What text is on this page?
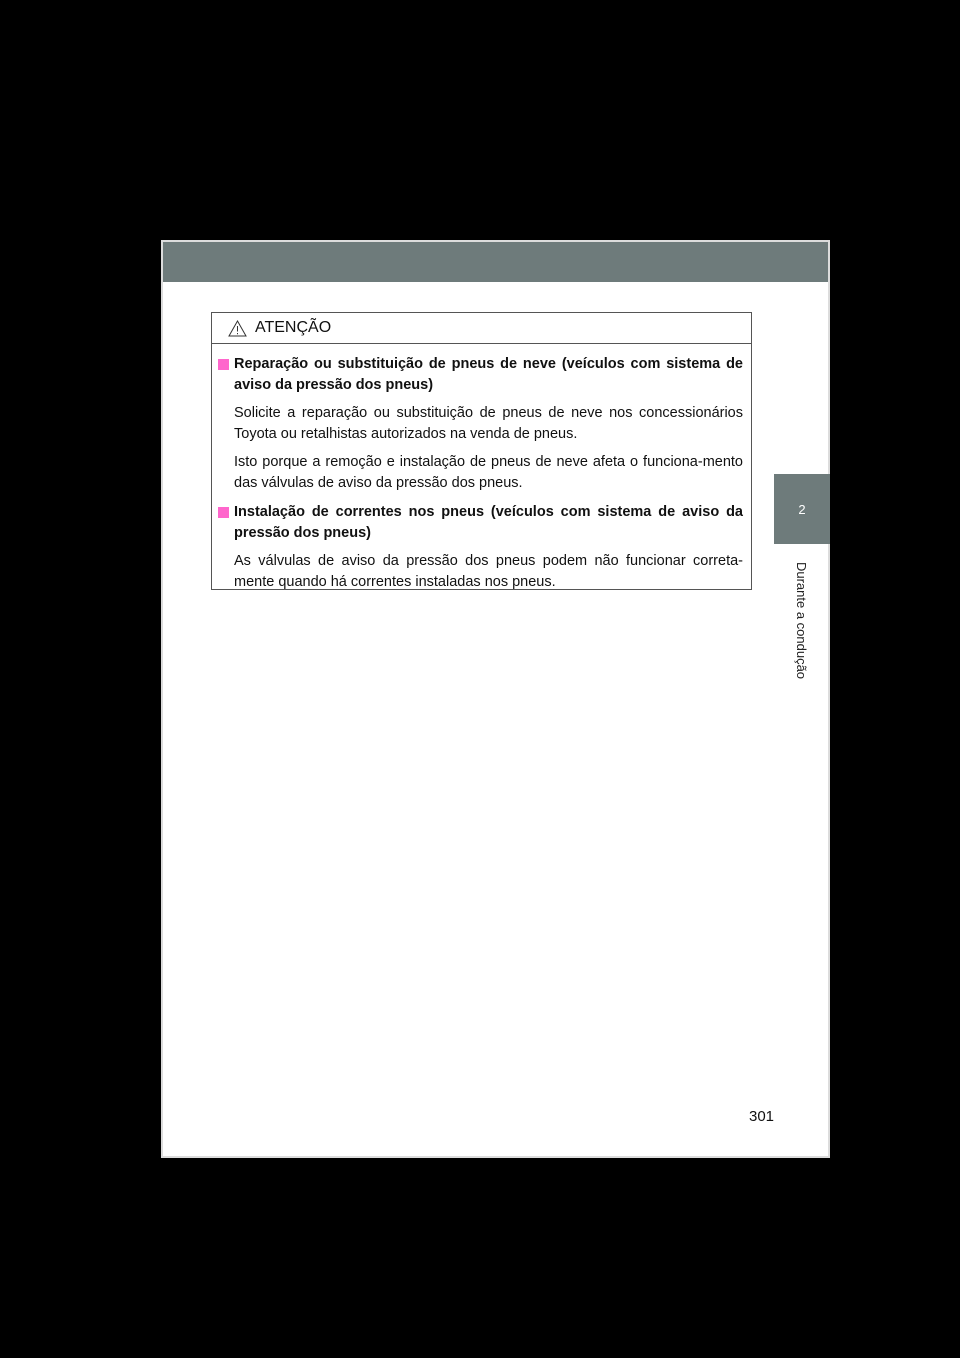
2
Durante a condução
ATENÇÃO
Reparação ou substituição de pneus de neve (veículos com sistema de aviso da pressão dos pneus)
Solicite a reparação ou substituição de pneus de neve nos concessionários Toyota ou retalhistas autorizados na venda de pneus.
Isto porque a remoção e instalação de pneus de neve afeta o funciona-mento das válvulas de aviso da pressão dos pneus.
Instalação de correntes nos pneus (veículos com sistema de aviso da pressão dos pneus)
As válvulas de aviso da pressão dos pneus podem não funcionar correta-mente quando há correntes instaladas nos pneus.
301
